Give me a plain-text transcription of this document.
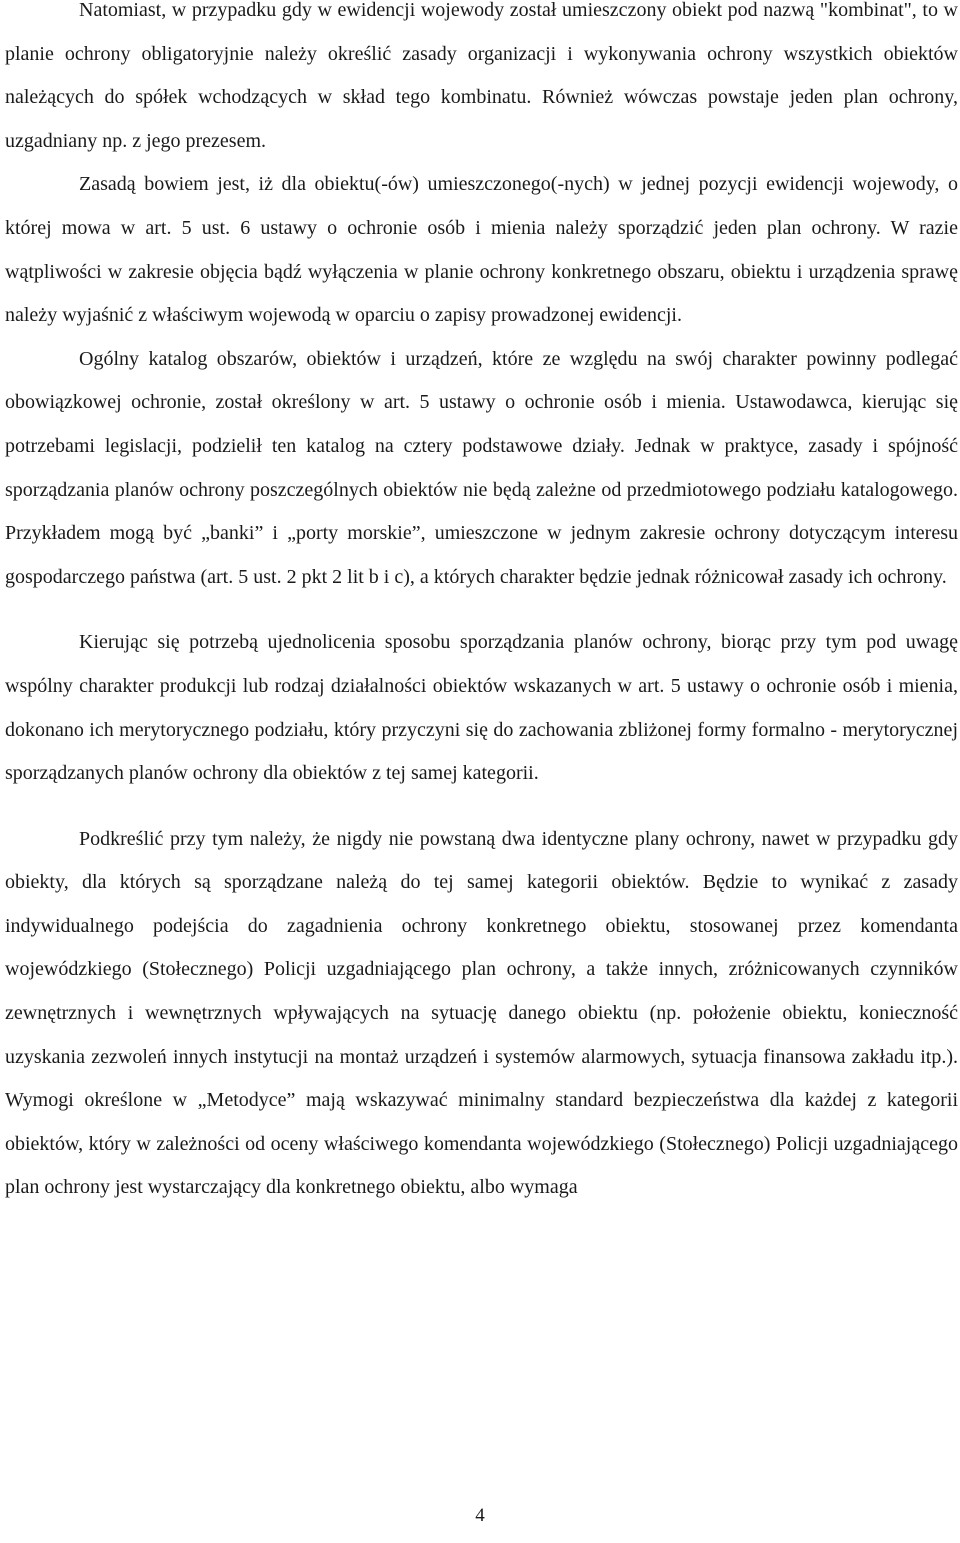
Natomiast, w przypadku gdy w ewidencji wojewody został umieszczony obiekt pod nazwą "kombinat", to w planie ochrony obligatoryjnie należy określić zasady organizacji i wykonywania ochrony wszystkich obiektów należących do spółek wchodzących w skład tego kombinatu. Również wówczas powstaje jeden plan ochrony, uzgadniany np. z jego prezesem.

Zasadą bowiem jest, iż dla obiektu(-ów) umieszczonego(-nych) w jednej pozycji ewidencji wojewody, o której mowa w art. 5 ust. 6 ustawy o ochronie osób i mienia należy sporządzić jeden plan ochrony. W razie wątpliwości w zakresie objęcia bądź wyłączenia w planie ochrony konkretnego obszaru, obiektu i urządzenia sprawę należy wyjaśnić z właściwym wojewodą w oparciu o zapisy prowadzonej ewidencji.

Ogólny katalog obszarów, obiektów i urządzeń, które ze względu na swój charakter powinny podlegać obowiązkowej ochronie, został określony w art. 5 ustawy o ochronie osób i mienia. Ustawodawca, kierując się potrzebami legislacji, podzielił ten katalog na cztery podstawowe działy. Jednak w praktyce, zasady i spójność sporządzania planów ochrony poszczególnych obiektów nie będą zależne od przedmiotowego podziału katalogowego. Przykładem mogą być „banki” i „porty morskie”, umieszczone w jednym zakresie ochrony dotyczącym interesu gospodarczego państwa (art. 5 ust. 2 pkt 2 lit b i c), a których charakter będzie jednak różnicował zasady ich ochrony.

Kierując się potrzebą ujednolicenia sposobu sporządzania planów ochrony, biorąc przy tym pod uwagę wspólny charakter produkcji lub rodzaj działalności obiektów wskazanych w art. 5 ustawy o ochronie osób i mienia, dokonano ich merytorycznego podziału, który przyczyni się do zachowania zbliżonej formy formalno - merytorycznej sporządzanych planów ochrony dla obiektów z tej samej kategorii.

Podkreślić przy tym należy, że nigdy nie powstaną dwa identyczne plany ochrony, nawet w przypadku gdy obiekty, dla których są sporządzane należą do tej samej kategorii obiektów. Będzie to wynikać z zasady indywidualnego podejścia do zagadnienia ochrony konkretnego obiektu, stosowanej przez komendanta wojewódzkiego (Stołecznego) Policji uzgadniającego plan ochrony, a także innych, zróżnicowanych czynników zewnętrznych i wewnętrznych wpływających na sytuację danego obiektu (np. położenie obiektu, konieczność uzyskania zezwoleń innych instytucji na montaż urządzeń i systemów alarmowych, sytuacja finansowa zakładu itp.). Wymogi określone w „Metodyce” mają wskazywać minimalny standard bezpieczeństwa dla każdej z kategorii obiektów, który w zależności od oceny właściwego komendanta wojewódzkiego (Stołecznego) Policji uzgadniającego plan ochrony jest wystarczający dla konkretnego obiektu, albo wymaga

4
